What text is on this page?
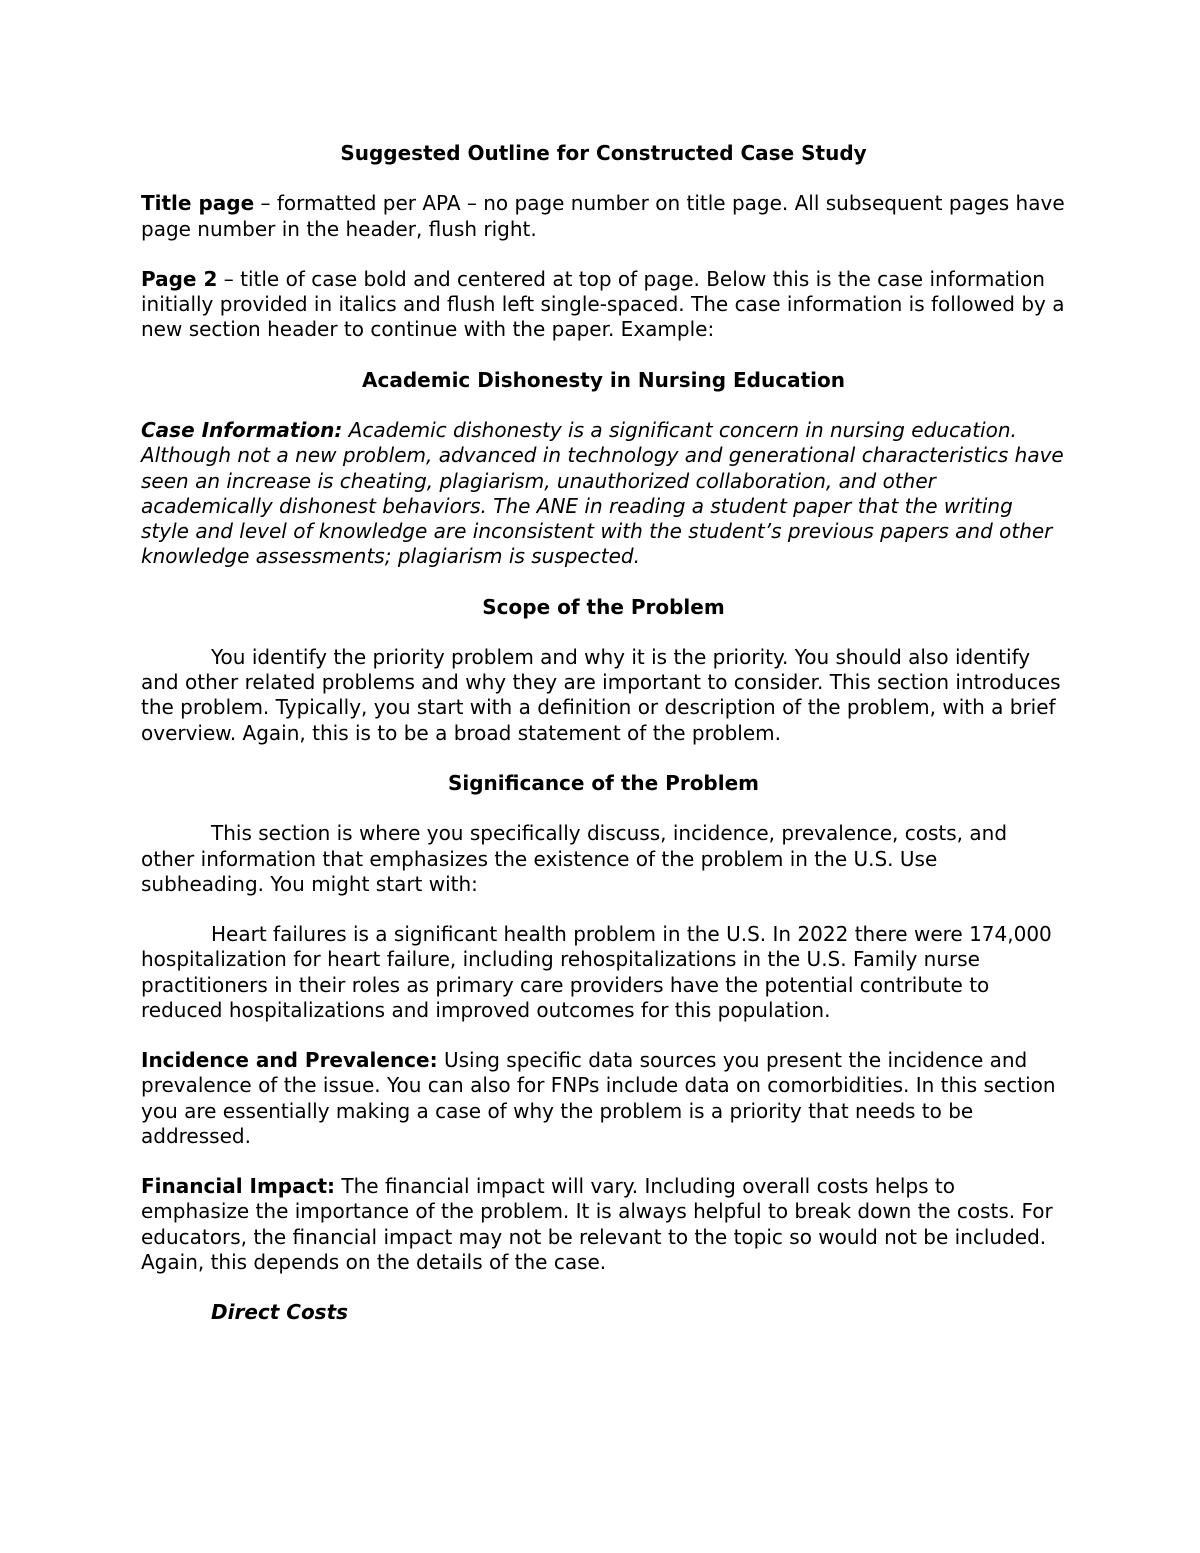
Suggested Outline for Constructed Case Study

Title page – formatted per APA – no page number on title page. All subsequent pages have page number in the header, flush right.

Page 2 – title of case bold and centered at top of page. Below this is the case information initially provided in italics and flush left single-spaced. The case information is followed by a new section header to continue with the paper. Example:

Academic Dishonesty in Nursing Education

Case Information: Academic dishonesty is a significant concern in nursing education. Although not a new problem, advanced in technology and generational characteristics have seen an increase is cheating, plagiarism, unauthorized collaboration, and other academically dishonest behaviors. The ANE in reading a student paper that the writing style and level of knowledge are inconsistent with the student’s previous papers and other knowledge assessments; plagiarism is suspected.

Scope of the Problem

You identify the priority problem and why it is the priority. You should also identify and other related problems and why they are important to consider. This section introduces the problem. Typically, you start with a definition or description of the problem, with a brief overview. Again, this is to be a broad statement of the problem.

Significance of the Problem

This section is where you specifically discuss, incidence, prevalence, costs, and other information that emphasizes the existence of the problem in the U.S. Use subheading. You might start with:

Heart failures is a significant health problem in the U.S. In 2022 there were 174,000 hospitalization for heart failure, including rehospitalizations in the U.S. Family nurse practitioners in their roles as primary care providers have the potential contribute to reduced hospitalizations and improved outcomes for this population.

Incidence and Prevalence: Using specific data sources you present the incidence and prevalence of the issue. You can also for FNPs include data on comorbidities. In this section you are essentially making a case of why the problem is a priority that needs to be addressed.

Financial Impact: The financial impact will vary. Including overall costs helps to emphasize the importance of the problem. It is always helpful to break down the costs. For educators, the financial impact may not be relevant to the topic so would not be included. Again, this depends on the details of the case.

Direct Costs
